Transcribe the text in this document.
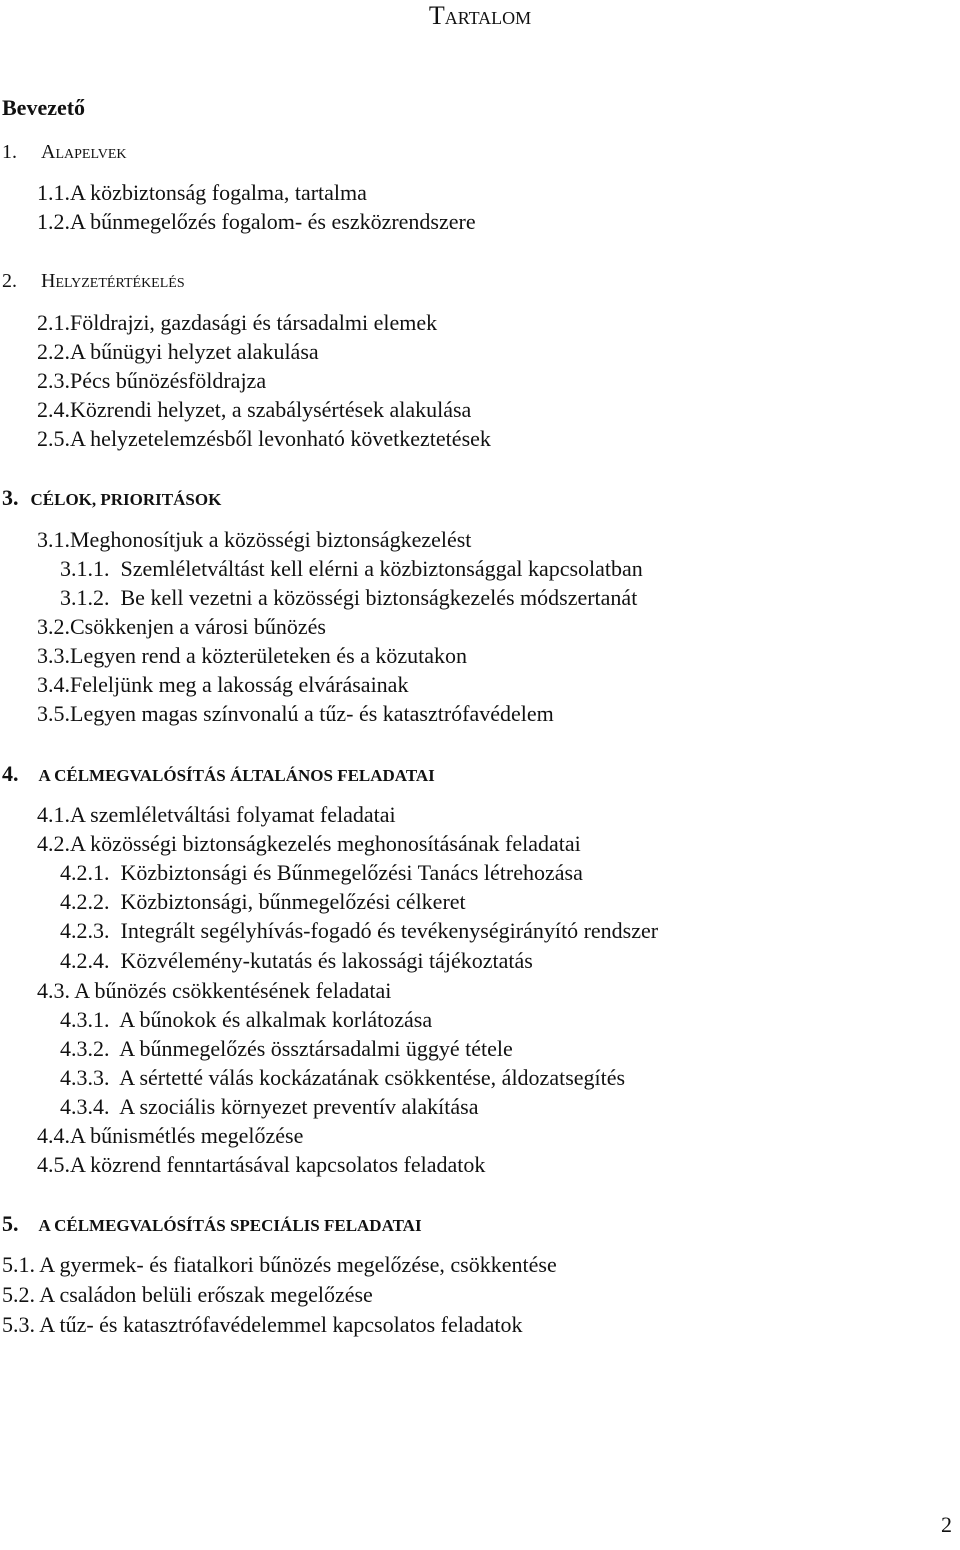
Tartalom
Bevezető
1. Alapelvek
1.1.A közbiztonság fogalma, tartalma
1.2.A bűnmegelőzés fogalom- és eszközrendszere
2. Helyzetértékelés
2.1.Földrajzi, gazdasági és társadalmi elemek
2.2.A bűnügyi helyzet alakulása
2.3.Pécs bűnözésföldrajza
2.4.Közrendi helyzet, a szabálysértések alakulása
2.5.A helyzetelemzésből levonható következtetések
3. CÉLOK, PRIORITÁSOK
3.1.Meghonosítjuk a közösségi biztonságkezelést
3.1.1.  Szemléletváltást kell elérni a közbiztonsággal kapcsolatban
3.1.2.  Be kell vezetni a közösségi biztonságkezelés módszertanát
3.2.Csökkenjen a városi bűnözés
3.3.Legyen rend a közterületeken és a közutakon
3.4.Feleljünk meg a lakosság elvárásainak
3.5.Legyen magas színvonalú a tűz- és katasztrófavédelem
4. A CÉLMEGVALÓSÍTÁS ÁLTALÁNOS FELADATAI
4.1.A szemléletváltási folyamat feladatai
4.2.A közösségi biztonságkezelés meghonosításának feladatai
4.2.1.  Közbiztonsági és Bűnmegelőzési Tanács létrehozása
4.2.2.  Közbiztonsági, bűnmegelőzési célkeret
4.2.3.  Integrált segélyhívás-fogadó és tevékenységirányító rendszer
4.2.4.  Közvélemény-kutatás és lakossági tájékoztatás
4.3. A bűnözés csökkentésének feladatai
4.3.1.  A bűnokok és alkalmak korlátozása
4.3.2.  A bűnmegelőzés össztársadalmi üggyé tétele
4.3.3.  A sértetté válás kockázatának csökkentése, áldozatsegítés
4.3.4.  A szociális környezet preventív alakítása
4.4.A bűnismétlés megelőzése
4.5.A közrend fenntartásával kapcsolatos feladatok
5. A CÉLMEGVALÓSÍTÁS SPECIÁLIS FELADATAI
5.1. A gyermek- és fiatalkori bűnözés megelőzése, csökkentése
5.2. A családon belüli erőszak megelőzése
5.3. A tűz- és katasztrófavédelemmel kapcsolatos feladatok
2
